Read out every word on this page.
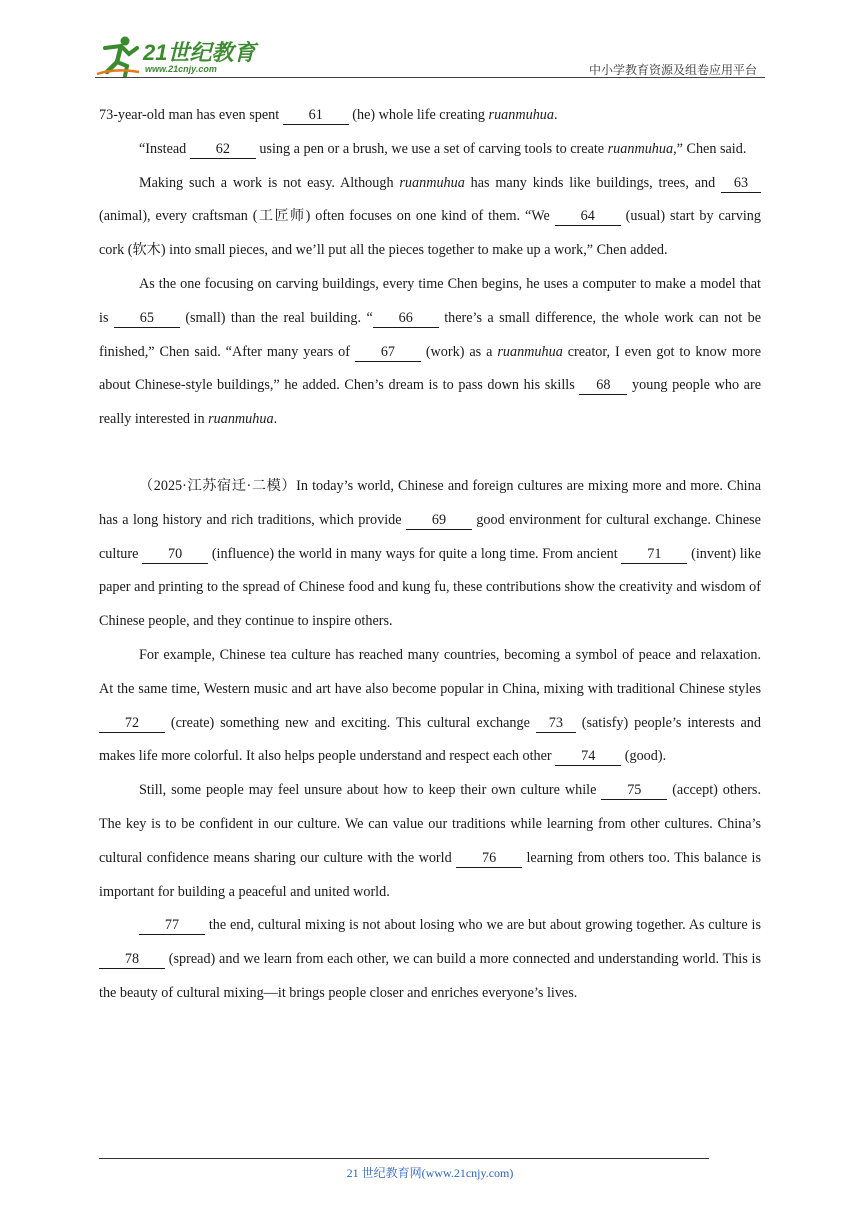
21世纪教育
www.21cnjy.com	中小学教育资源及组卷应用平台

73-year-old man has even spent 61 (he) whole life creating ruanmuhua.

“Instead 62 using a pen or a brush, we use a set of carving tools to create ruanmuhua,” Chen said.

Making such a work is not easy. Although ruanmuhua has many kinds like buildings, trees, and 63 (animal), every craftsman (工匠师) often focuses on one kind of them. “We 64 (usual) start by carving cork (软木) into small pieces, and we’ll put all the pieces together to make up a work,” Chen added.

As the one focusing on carving buildings, every time Chen begins, he uses a computer to make a model that is 65 (small) than the real building. “ 66 there’s a small difference, the whole work can not be finished,” Chen said. “After many years of 67 (work) as a ruanmuhua creator, I even got to know more about Chinese-style buildings,” he added. Chen’s dream is to pass down his skills 68 young people who are really interested in ruanmuhua.

（2025·江苏宿迁·二模）In today’s world, Chinese and foreign cultures are mixing more and more. China has a long history and rich traditions, which provide 69 good environment for cultural exchange. Chinese culture 70 (influence) the world in many ways for quite a long time. From ancient 71 (invent) like paper and printing to the spread of Chinese food and kung fu, these contributions show the creativity and wisdom of Chinese people, and they continue to inspire others.

For example, Chinese tea culture has reached many countries, becoming a symbol of peace and relaxation. At the same time, Western music and art have also become popular in China, mixing with traditional Chinese styles 72 (create) something new and exciting. This cultural exchange 73 (satisfy) people’s interests and makes life more colorful. It also helps people understand and respect each other 74 (good).

Still, some people may feel unsure about how to keep their own culture while 75 (accept) others. The key is to be confident in our culture. We can value our traditions while learning from other cultures. China’s cultural confidence means sharing our culture with the world 76 learning from others too. This balance is important for building a peaceful and united world.

77 the end, cultural mixing is not about losing who we are but about growing together. As culture is 78 (spread) and we learn from each other, we can build a more connected and understanding world. This is the beauty of cultural mixing—it brings people closer and enriches everyone’s lives.

21 世纪教育网(www.21cnjy.com)
